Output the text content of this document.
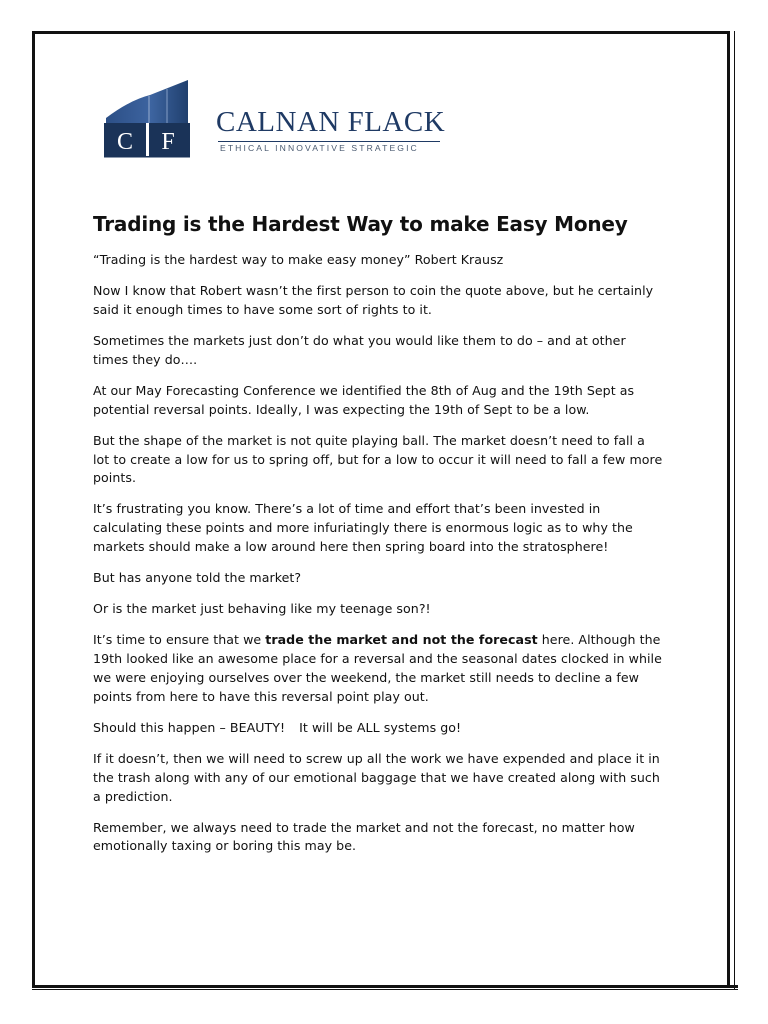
C F
CALNAN FLACK
ETHICAL INNOVATIVE STRATEGIC
Trading is the Hardest Way to make Easy Money

“Trading is the hardest way to make easy money” Robert Krausz

Now I know that Robert wasn’t the first person to coin the quote above, but he certainly said it enough times to have some sort of rights to it.

Sometimes the markets just don’t do what you would like them to do – and at other times they do….

At our May Forecasting Conference we identified the 8th of Aug and the 19th Sept as potential reversal points. Ideally, I was expecting the 19th of Sept to be a low.

But the shape of the market is not quite playing ball. The market doesn’t need to fall a lot to create a low for us to spring off, but for a low to occur it will need to fall a few more points.

It’s frustrating you know. There’s a lot of time and effort that’s been invested in calculating these points and more infuriatingly there is enormous logic as to why the markets should make a low around here then spring board into the stratosphere!

But has anyone told the market?

Or is the market just behaving like my teenage son?!

It’s time to ensure that we trade the market and not the forecast here. Although the 19th looked like an awesome place for a reversal and the seasonal dates clocked in while we were enjoying ourselves over the weekend, the market still needs to decline a few points from here to have this reversal point play out.

Should this happen – BEAUTY! It will be ALL systems go!

If it doesn’t, then we will need to screw up all the work we have expended and place it in the trash along with any of our emotional baggage that we have created along with such a prediction.

Remember, we always need to trade the market and not the forecast, no matter how emotionally taxing or boring this may be.
